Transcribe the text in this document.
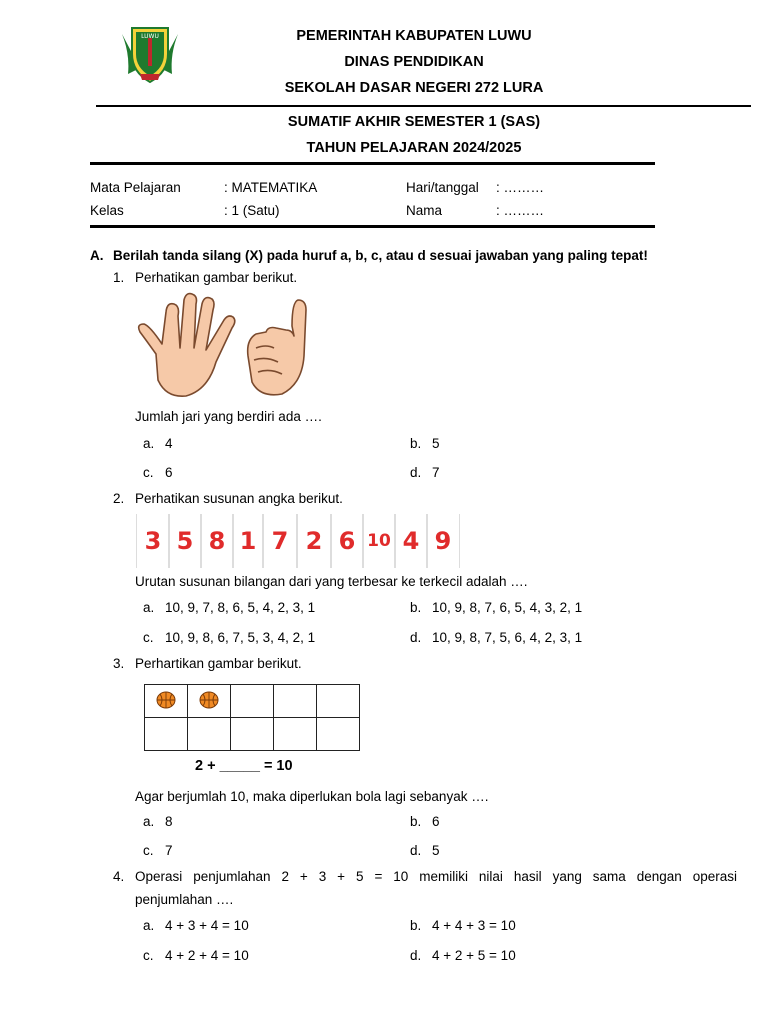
LUWU	PEMERINTAH KABUPATEN LUWU
DINAS PENDIDIKAN
SEKOLAH DASAR NEGERI 272 LURA
SUMATIF AKHIR SEMESTER 1 (SAS)
TAHUN PELAJARAN 2024/2025
Mata Pelajaran	: MATEMATIKA	Hari/tanggal : ………
Kelas	: 1 (Satu)	Nama	: ………
A. Berilah tanda silang (X) pada huruf a, b, c, atau d sesuai jawaban yang paling tepat!
1. Perhatikan gambar berikut.
Jumlah jari yang berdiri ada ….
a. 4	b. 5
c. 6	d. 7
2. Perhatikan susunan angka berikut.
3 5 8 1 7 2 6 10 4 9
Urutan susunan bilangan dari yang terbesar ke terkecil adalah ….
a. 10, 9, 7, 8, 6, 5, 4, 2, 3, 1	b. 10, 9, 8, 7, 6, 5, 4, 3, 2, 1
c. 10, 9, 8, 6, 7, 5, 3, 4, 2, 1	d. 10, 9, 8, 7, 5, 6, 4, 2, 3, 1
3. Perhartikan gambar berikut.

2 + _____ = 10
Agar berjumlah 10, maka diperlukan bola lagi sebanyak ….
a. 8	b. 6
c. 7	d. 5
4. Operasi penjumlahan 2 + 3 + 5 = 10 memiliki nilai hasil yang sama dengan operasi
penjumlahan ….
a. 4 + 3 + 4 = 10	b. 4 + 4 + 3 = 10
c. 4 + 2 + 4 = 10	d. 4 + 2 + 5 = 10
